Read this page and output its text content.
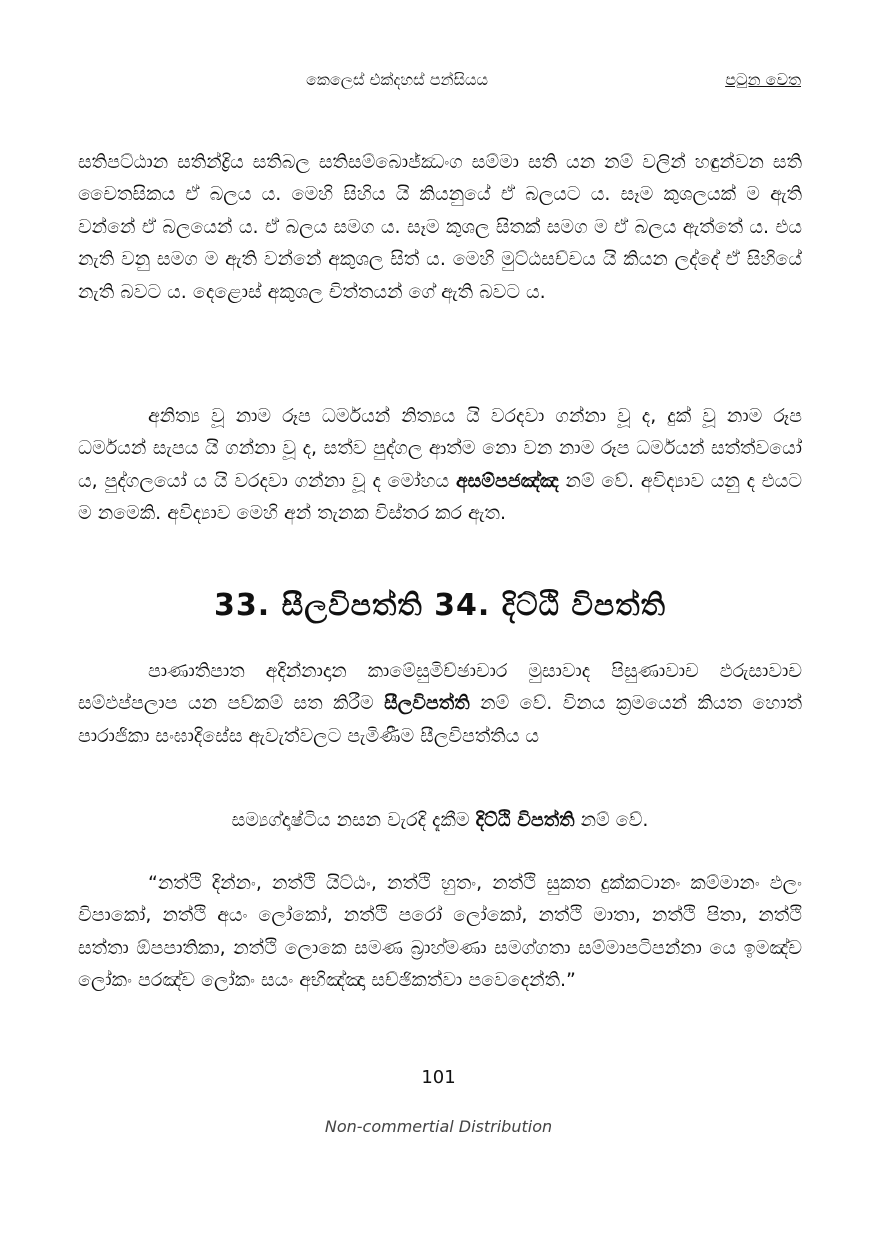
කෙලෙස් එක්දහස් පන්සියය	පටුන වෙත

සතිපට්ඨාන සතින්ද්‍රිය සතිබල සතිසම්බොජ්ඣංග සම්මා සති යන නම් වලින් හඳුන්වන සති චෛතසිකය ඒ බලය ය. මෙහි සිහිය යි කියනුයේ ඒ බලයට ය. සෑම කුශලයක් ම ඇති වන්නේ ඒ බලයෙන් ය. ඒ බලය සමග ය. සෑම කුශල සිතක් සමග ම ඒ බලය ඇත්තේ ය. එය නැති වනු සමග ම ඇති වන්නේ අකුශල සිත් ය. මෙහි මුට්ඨසච්චය යි කියන ලද්දේ ඒ සිහියේ නැති බවට ය. දෙළොස් අකුශල චිත්තයන් ගේ ඇති බවට ය.

අනිත්‍ය වූ නාම රූප ධර්මයන් නිත්‍යය යි වරදවා ගන්නා වූ ද, දුක් වූ නාම රූප ධර්මයන් සැපය යි ගන්නා වූ ද, සත්ව පුද්ගල ආත්ම නො වන නාම රූප ධර්මයන් සත්ත්වයෝ ය, පුද්ගලයෝ ය යි වරදවා ගන්නා වූ ද මෝහය අසම්පජඤ්ඤ නම් වේ. අවිද්‍යාව යනු ද එයට ම නමෙකි. අවිද්‍යාව මෙහි අන් තැනක විස්තර කර ඇත.

33. සීලවිපත්ති 34. දිට්ඨි විපත්ති

පාණාතිපාත අදින්නාදාන කාමේසුමිච්ඡාචාර මුසාවාද පිසුණාවාච ඵරුසාවාච සම්ඵප්පලාප යන පව්කම් සත කිරීම සීලවිපත්ති නම් වේ. විනය ක්‍රමයෙන් කියත හොත් පාරාජිකා සංඝාදිසේස ඇවැත්වලට පැමිණීම සීලවිපත්තිය ය

සම්‍යග්දෘෂ්ටිය නසන වැරදි දැකීම දිට්ඨි විපත්ති නම් වේ.

“නත්ථි දින්නං, නත්ථි යිට්ඨං, නත්ථි හුතං, නත්ථි සුකත දුක්කටානං කම්මානං ඵලං විපාකෝ, නත්ථි අයං ලෝකෝ, නත්ථි පරෝ ලෝකෝ, නත්ථි මාතා, නත්ථි පිතා, නත්ථි සත්තා ඕපපාතිකා, නත්ථි ලොකෙ සමණ බ්‍රාහ්මණා සමග්ගතා සම්මාපටිපන්නා යෙ ඉමඤ්ච ලෝකං පරඤ්ච ලෝකං සයං අභිඤ්ඤා සච්ඡිකත්වා පවෙදෙන්ති.”

101
Non-commertial Distribution
